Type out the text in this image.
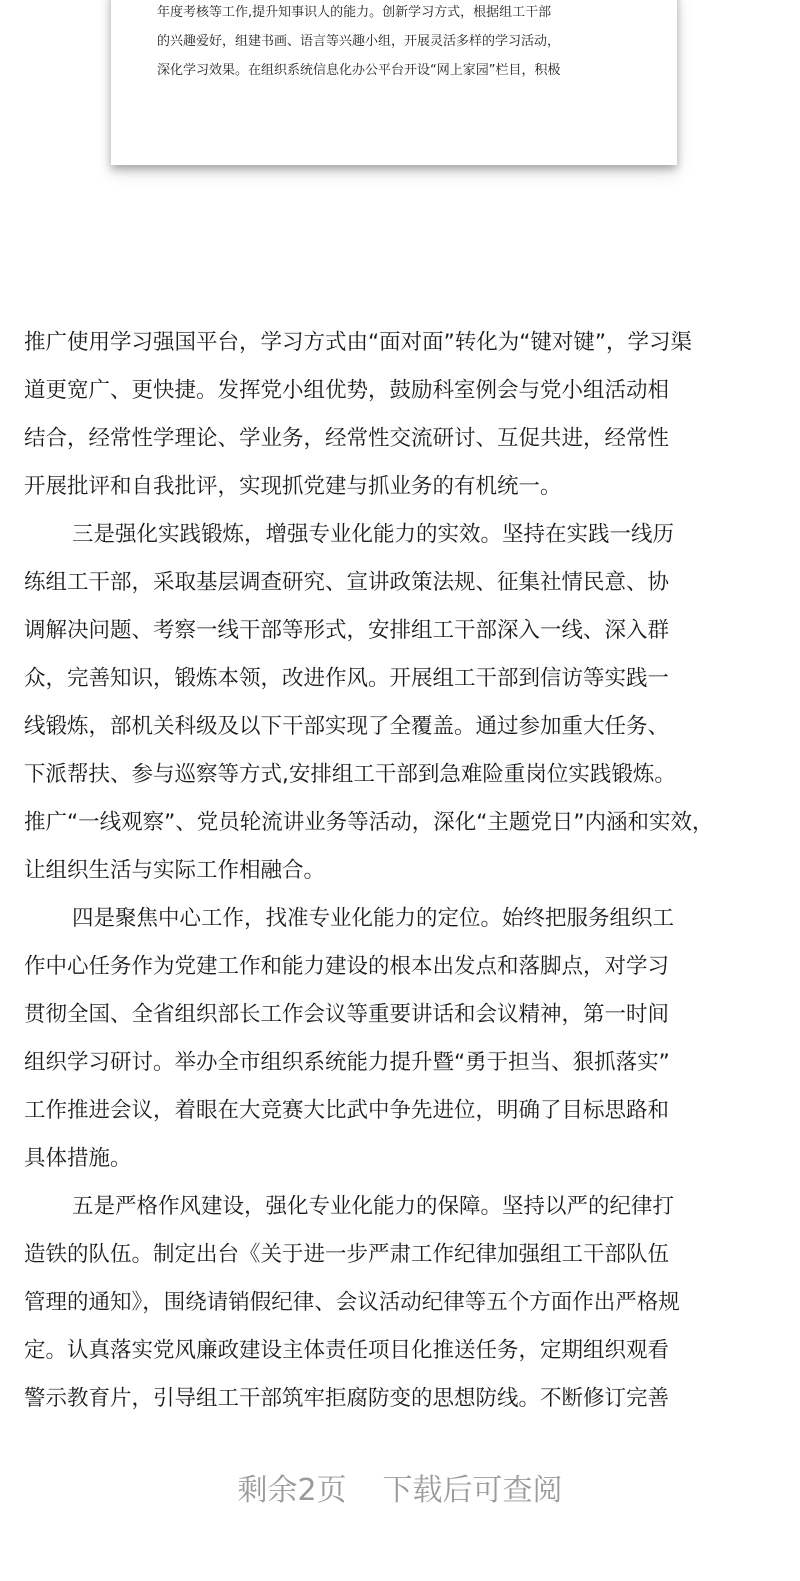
年度考核等工作,提升知事识人的能力。创新学习方式，根据组工干部
的兴趣爱好，组建书画、语言等兴趣小组，开展灵活多样的学习活动，
深化学习效果。在组织系统信息化办公平台开设“网上家园”栏目，积极
推广使用学习强国平台，学习方式由“面对面”转化为“键对键”，学习渠
道更宽广、更快捷。发挥党小组优势，鼓励科室例会与党小组活动相
结合，经常性学理论、学业务，经常性交流研讨、互促共进，经常性
开展批评和自我批评，实现抓党建与抓业务的有机统一。
三是强化实践锻炼，增强专业化能力的实效。坚持在实践一线历
练组工干部，采取基层调查研究、宣讲政策法规、征集社情民意、协
调解决问题、考察一线干部等形式，安排组工干部深入一线、深入群
众，完善知识，锻炼本领，改进作风。开展组工干部到信访等实践一
线锻炼，部机关科级及以下干部实现了全覆盖。通过参加重大任务、
下派帮扶、参与巡察等方式,安排组工干部到急难险重岗位实践锻炼。
推广“一线观察”、党员轮流讲业务等活动，深化“主题党日”内涵和实效，
让组织生活与实际工作相融合。
四是聚焦中心工作，找准专业化能力的定位。始终把服务组织工
作中心任务作为党建工作和能力建设的根本出发点和落脚点，对学习
贯彻全国、全省组织部长工作会议等重要讲话和会议精神，第一时间
组织学习研讨。举办全市组织系统能力提升暨“勇于担当、狠抓落实”
工作推进会议，着眼在大竞赛大比武中争先进位，明确了目标思路和
具体措施。
五是严格作风建设，强化专业化能力的保障。坚持以严的纪律打
造铁的队伍。制定出台《关于进一步严肃工作纪律加强组工干部队伍
管理的通知》，围绕请销假纪律、会议活动纪律等五个方面作出严格规
定。认真落实党风廉政建设主体责任项目化推送任务，定期组织观看
警示教育片，引导组工干部筑牢拒腐防变的思想防线。不断修订完善
剩余2页 下载后可查阅
